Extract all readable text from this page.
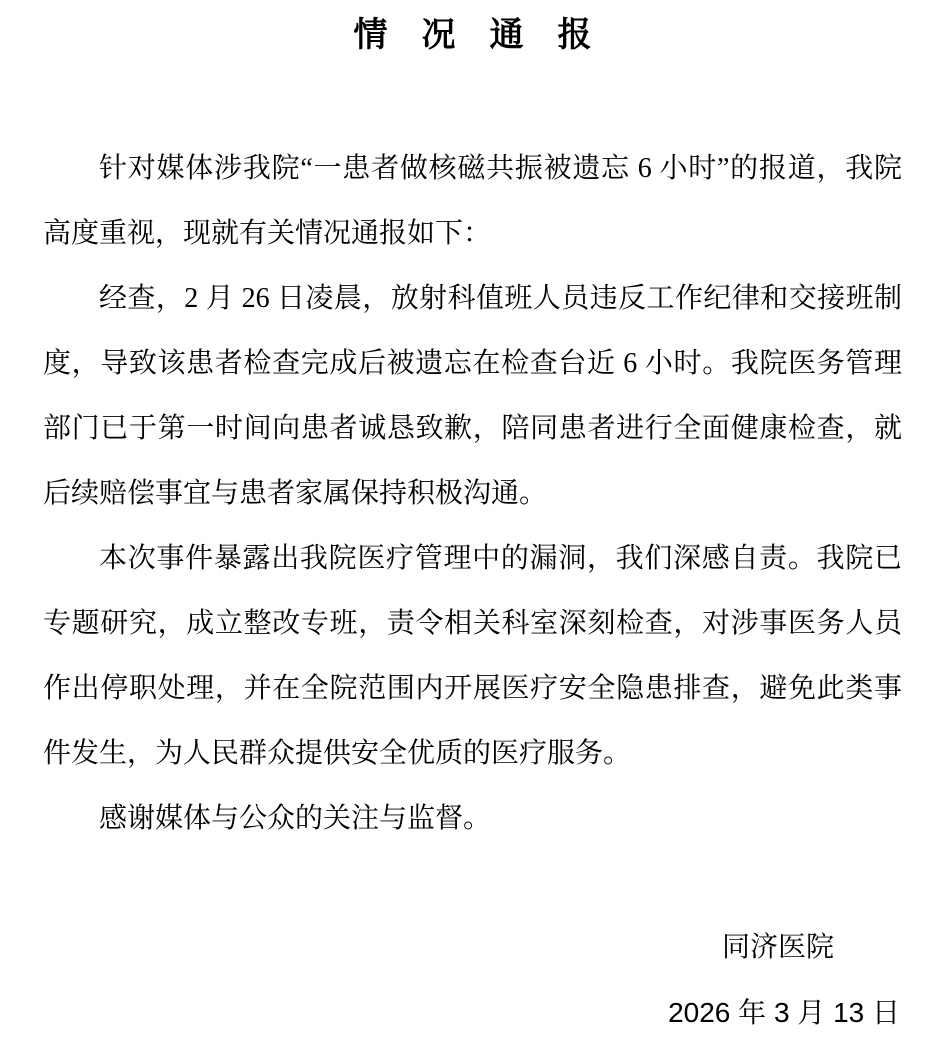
情　况　通　报

针对媒体涉我院“一患者做核磁共振被遗忘 6 小时”的报道，我院高度重视，现就有关情况通报如下：

经查，2 月 26 日凌晨，放射科值班人员违反工作纪律和交接班制度，导致该患者检查完成后被遗忘在检查台近 6 小时。我院医务管理部门已于第一时间向患者诚恳致歉，陪同患者进行全面健康检查，就后续赔偿事宜与患者家属保持积极沟通。

本次事件暴露出我院医疗管理中的漏洞，我们深感自责。我院已专题研究，成立整改专班，责令相关科室深刻检查，对涉事医务人员作出停职处理，并在全院范围内开展医疗安全隐患排查，避免此类事件发生，为人民群众提供安全优质的医疗服务。

感谢媒体与公众的关注与监督。

同济医院
2026 年 3 月 13 日
